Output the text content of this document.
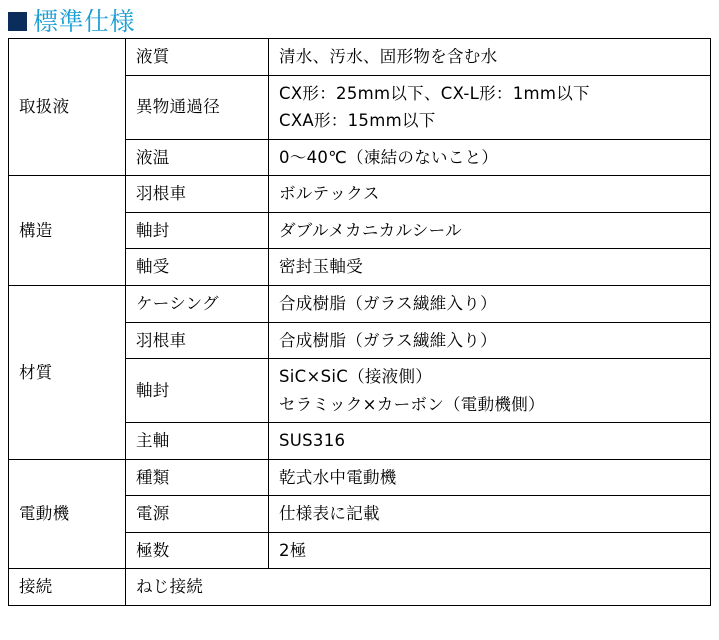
標準仕様
取扱液	液質	清水、汚水、固形物を含む水
	異物通過径	CX形：25mm以下、CX-L形：1mm以下
CXA形：15mm以下

	液温	0～40℃（凍結のないこと）
構造	羽根車	ボルテックス
	軸封	ダブルメカニカルシール
	軸受	密封玉軸受
材質	ケーシング	合成樹脂（ガラス繊維入り）
	羽根車	合成樹脂（ガラス繊維入り）
	軸封	SiC×SiC（接液側）
セラミック×カーボン（電動機側）

	主軸	SUS316
電動機	種類	乾式水中電動機
	電源	仕様表に記載
	極数	2極
接続	ねじ接続	
